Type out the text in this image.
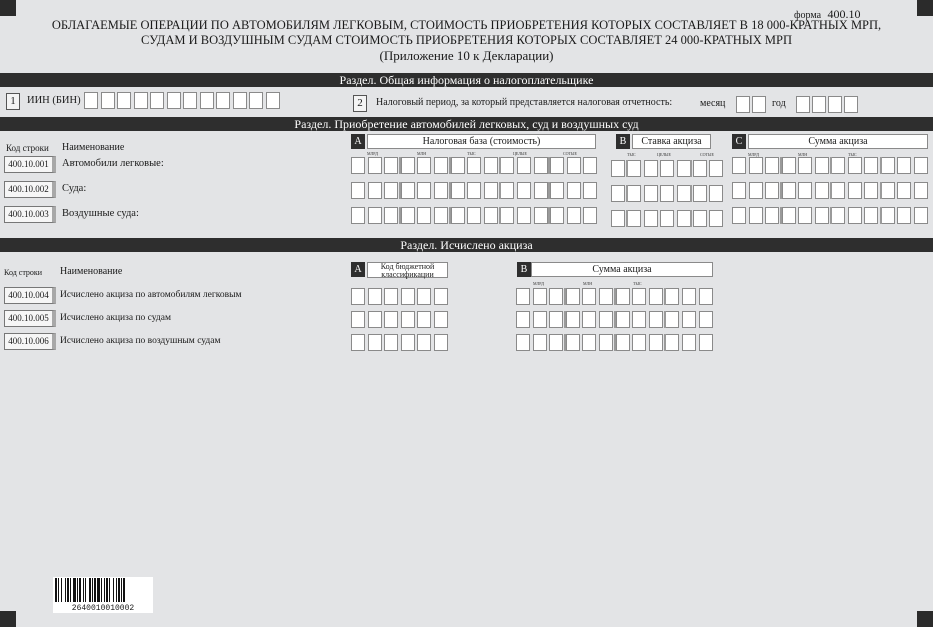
форма 400.10
ОБЛАГАЕМЫЕ ОПЕРАЦИИ ПО АВТОМОБИЛЯМ ЛЕГКОВЫМ, СТОИМОСТЬ ПРИОБРЕТЕНИЯ КОТОРЫХ СОСТАВЛЯЕТ В 18 000-КРАТНЫХ МРП,
СУДАМ И ВОЗДУШНЫМ СУДАМ СТОИМОСТЬ ПРИОБРЕТЕНИЯ КОТОРЫХ СОСТАВЛЯЕТ 24 000-КРАТНЫХ МРП
(Приложение 10 к Декларации)
Раздел. Общая информация о налогоплательщике
1	ИИН (БИН)	2	Налоговый период, за который представляется налоговая отчетность:	месяц	год
Раздел. Приобретение автомобилей легковых, суд и воздушных суд
Код строки Наименование
A	Налоговая база (стоимость)	B	Ставка акциза	C	Сумма акциза
МЛРД	МЛН	ТЫС	ЦЕЛЫЕ	СОТЫЕ	ТЫС	ЦЕЛЫЕ	СОТЫЕ	МЛРД	МЛН	ТЫС
400.10.001	Автомобили легковые:
400.10.002	Суда:
400.10.003	Воздушные суда:
Раздел. Исчислено акциза
Код строки Наименование	A	Код бюджетной
классификации	B	Сумма акциза
МЛРД	МЛН	ТЫС
400.10.004	Исчислено акциза по автомобилям легковым
400.10.005	Исчислено акциза по судам
400.10.006	Исчислено акциза по воздушным судам
2640010010002
